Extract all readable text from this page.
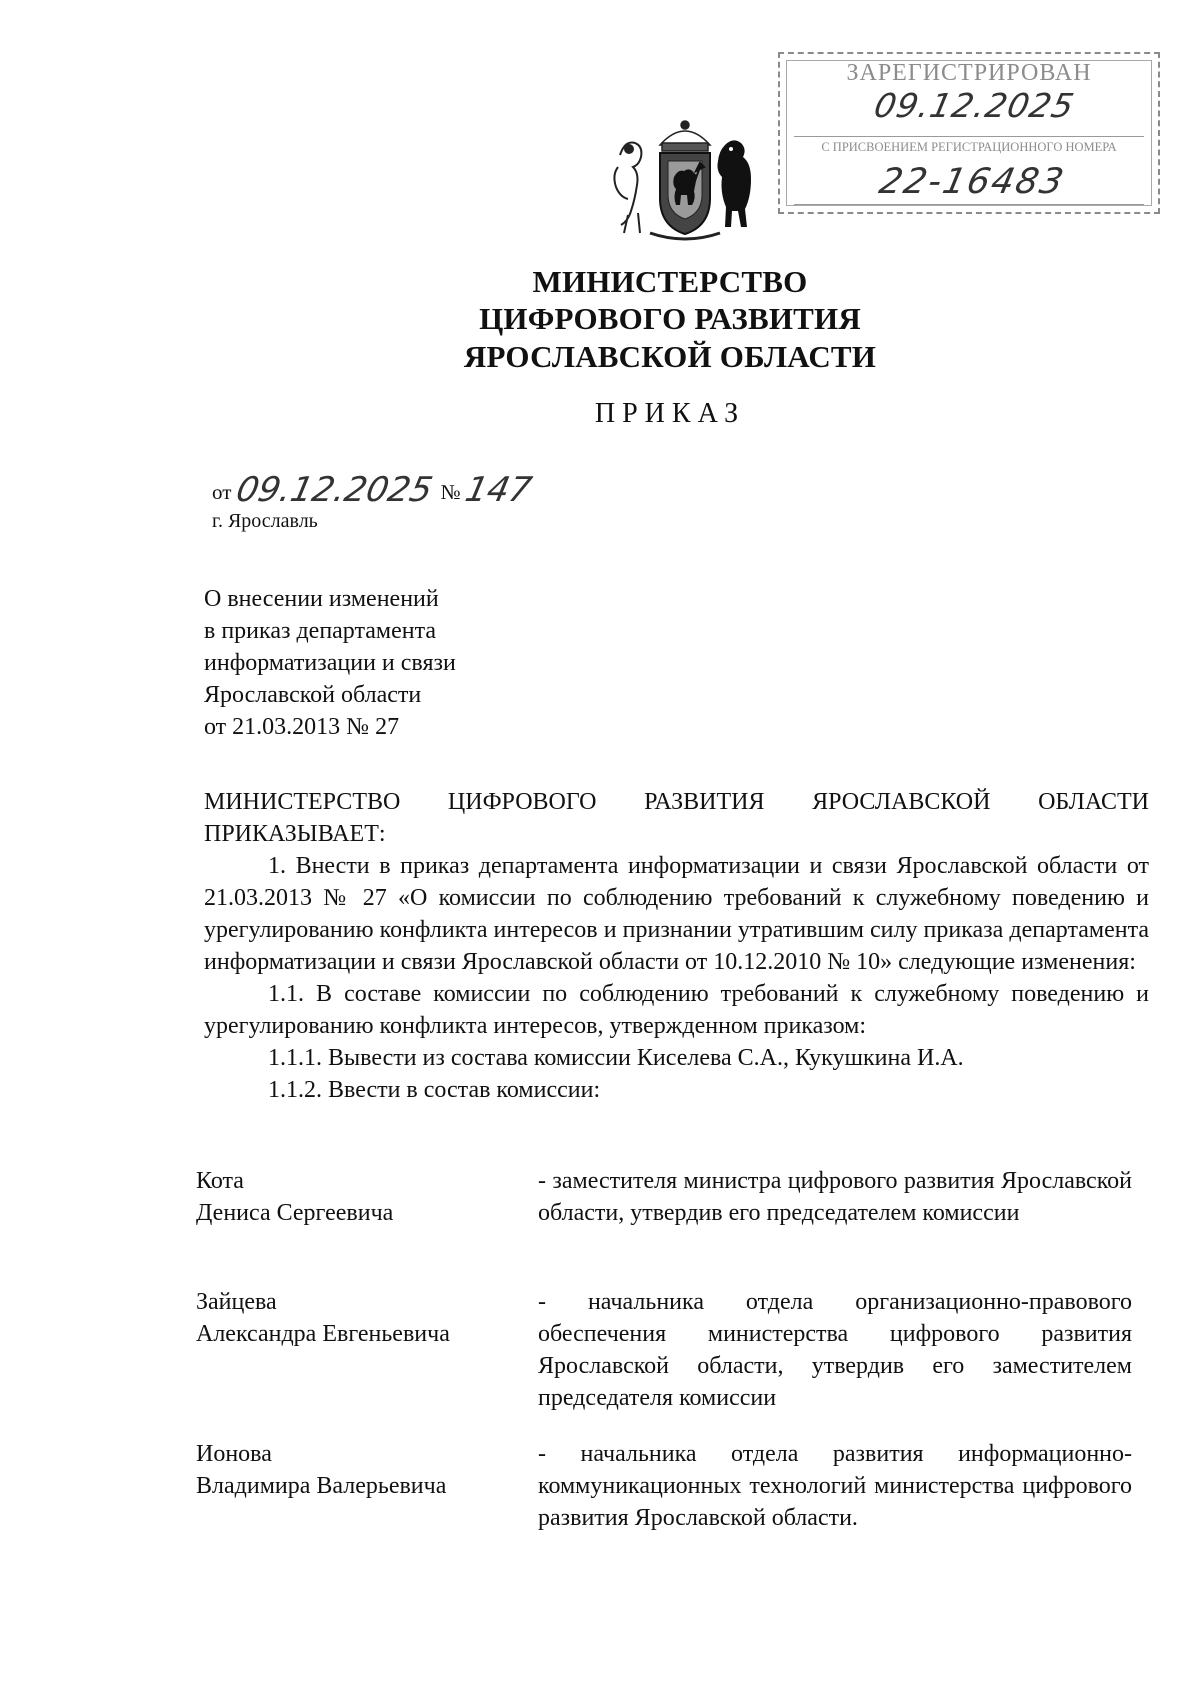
ЗАРЕГИСТРИРОВАН
09.12.2025
С ПРИСВОЕНИЕМ РЕГИСТРАЦИОННОГО НОМЕРА
22-16483
МИНИСТЕРСТВО
ЦИФРОВОГО РАЗВИТИЯ
ЯРОСЛАВСКОЙ ОБЛАСТИ
ПРИКАЗ
от 09.12.2025 № 147
г. Ярославль
О внесении изменений
в приказ департамента
информатизации и связи
Ярославской области
от 21.03.2013 № 27
МИНИСТЕРСТВО ЦИФРОВОГО РАЗВИТИЯ ЯРОСЛАВСКОЙ ОБЛАСТИ
ПРИКАЗЫВАЕТ:
1. Внести в приказ департамента информатизации и связи Ярославской области от 21.03.2013 № 27 «О комиссии по соблюдению требований к служебному поведению и урегулированию конфликта интересов и признании утратившим силу приказа департамента информатизации и связи Ярославской области от 10.12.2010 № 10» следующие изменения:
1.1. В составе комиссии по соблюдению требований к служебному поведению и урегулированию конфликта интересов, утвержденном приказом:
1.1.1. Вывести из состава комиссии Киселева С.А., Кукушкина И.А.
1.1.2. Ввести в состав комиссии:
Кота
Дениса Сергеевича
- заместителя министра цифрового развития Ярославской области, утвердив его председателем комиссии
Зайцева
Александра Евгеньевича
- начальника отдела организационно-правового обеспечения министерства цифрового развития Ярославской области, утвердив его заместителем председателя комиссии
Ионова
Владимира Валерьевича
- начальника отдела развития информационно-коммуникационных технологий министерства цифрового развития Ярославской области.
